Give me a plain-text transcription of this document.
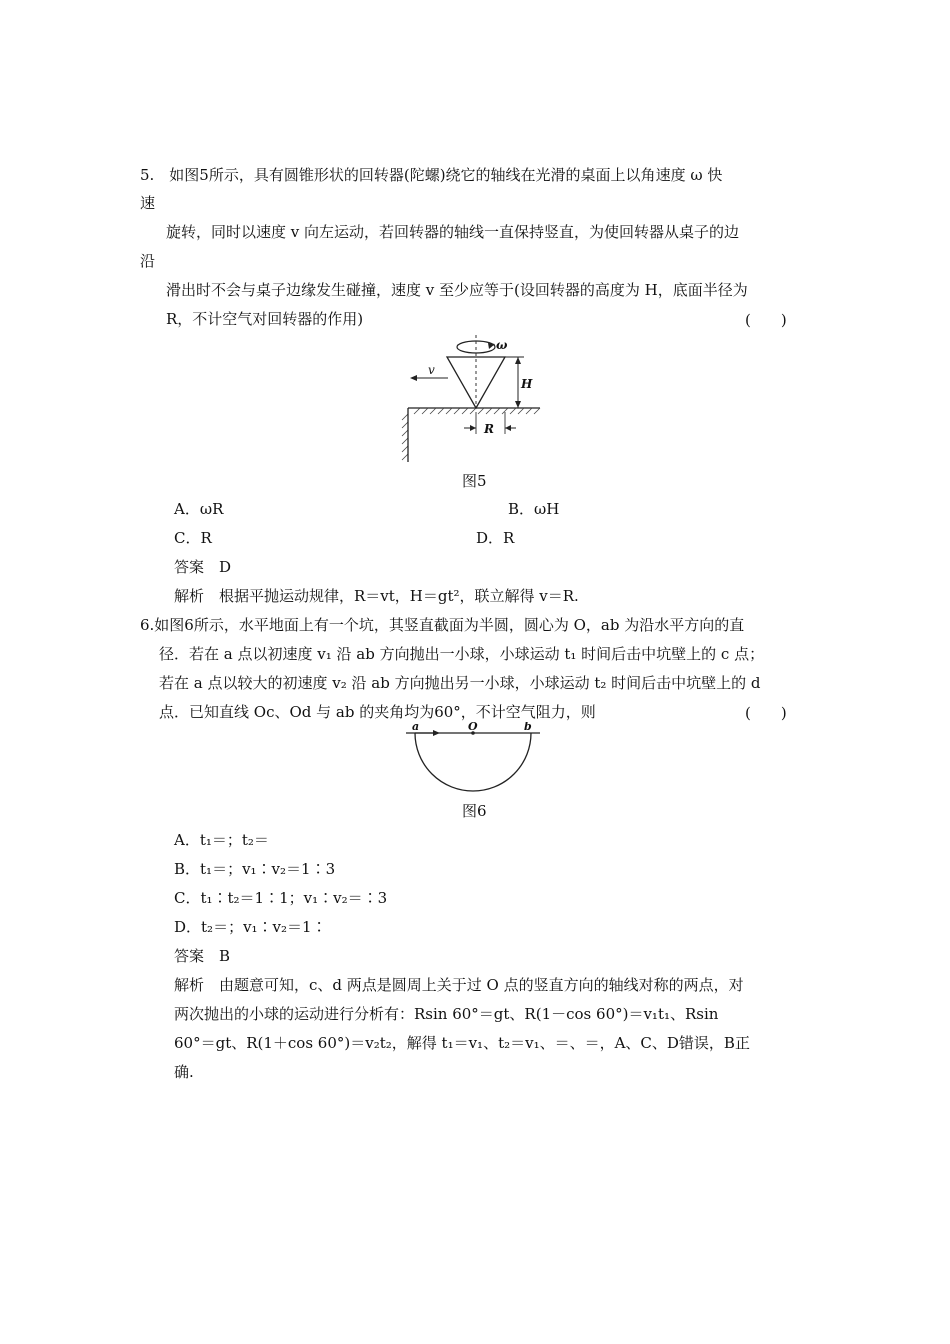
5.　如图5所示，具有圆锥形状的回转器(陀螺)绕它的轴线在光滑的桌面上以角速度 ω 快
速
旋转，同时以速度 v 向左运动，若回转器的轴线一直保持竖直，为使回转器从桌子的边
沿
滑出时不会与桌子边缘发生碰撞，速度 v 至少应等于(设回转器的高度为 H，底面半径为
R，不计空气对回转器的作用)	(　　)
ω
v
H
R
图5
A．ωR	B．ωH
C．R	D．R
答案　D
解析　根据平抛运动规律，R＝vt，H＝gt²，联立解得 v＝R.
6.如图6所示，水平地面上有一个坑，其竖直截面为半圆，圆心为 O，ab 为沿水平方向的直
径．若在 a 点以初速度 v₁ 沿 ab 方向抛出一小球，小球运动 t₁ 时间后击中坑壁上的 c 点；
若在 a 点以较大的初速度 v₂ 沿 ab 方向抛出另一小球，小球运动 t₂ 时间后击中坑壁上的 d
点．已知直线 Oc、Od 与 ab 的夹角均为60°，不计空气阻力，则	(　　)
a	O	b
图6
A．t₁＝；t₂＝
B．t₁＝；v₁∶v₂＝1∶3
C．t₁∶t₂＝1∶1；v₁∶v₂＝∶3
D．t₂＝；v₁∶v₂＝1∶
答案　B
解析　由题意可知，c、d 两点是圆周上关于过 O 点的竖直方向的轴线对称的两点，对
两次抛出的小球的运动进行分析有：Rsin 60°＝gt、R(1－cos 60°)＝v₁t₁、Rsin
60°＝gt、R(1＋cos 60°)＝v₂t₂，解得 t₁＝v₁、t₂＝v₁、＝、＝，A、C、D错误，B正
确.
